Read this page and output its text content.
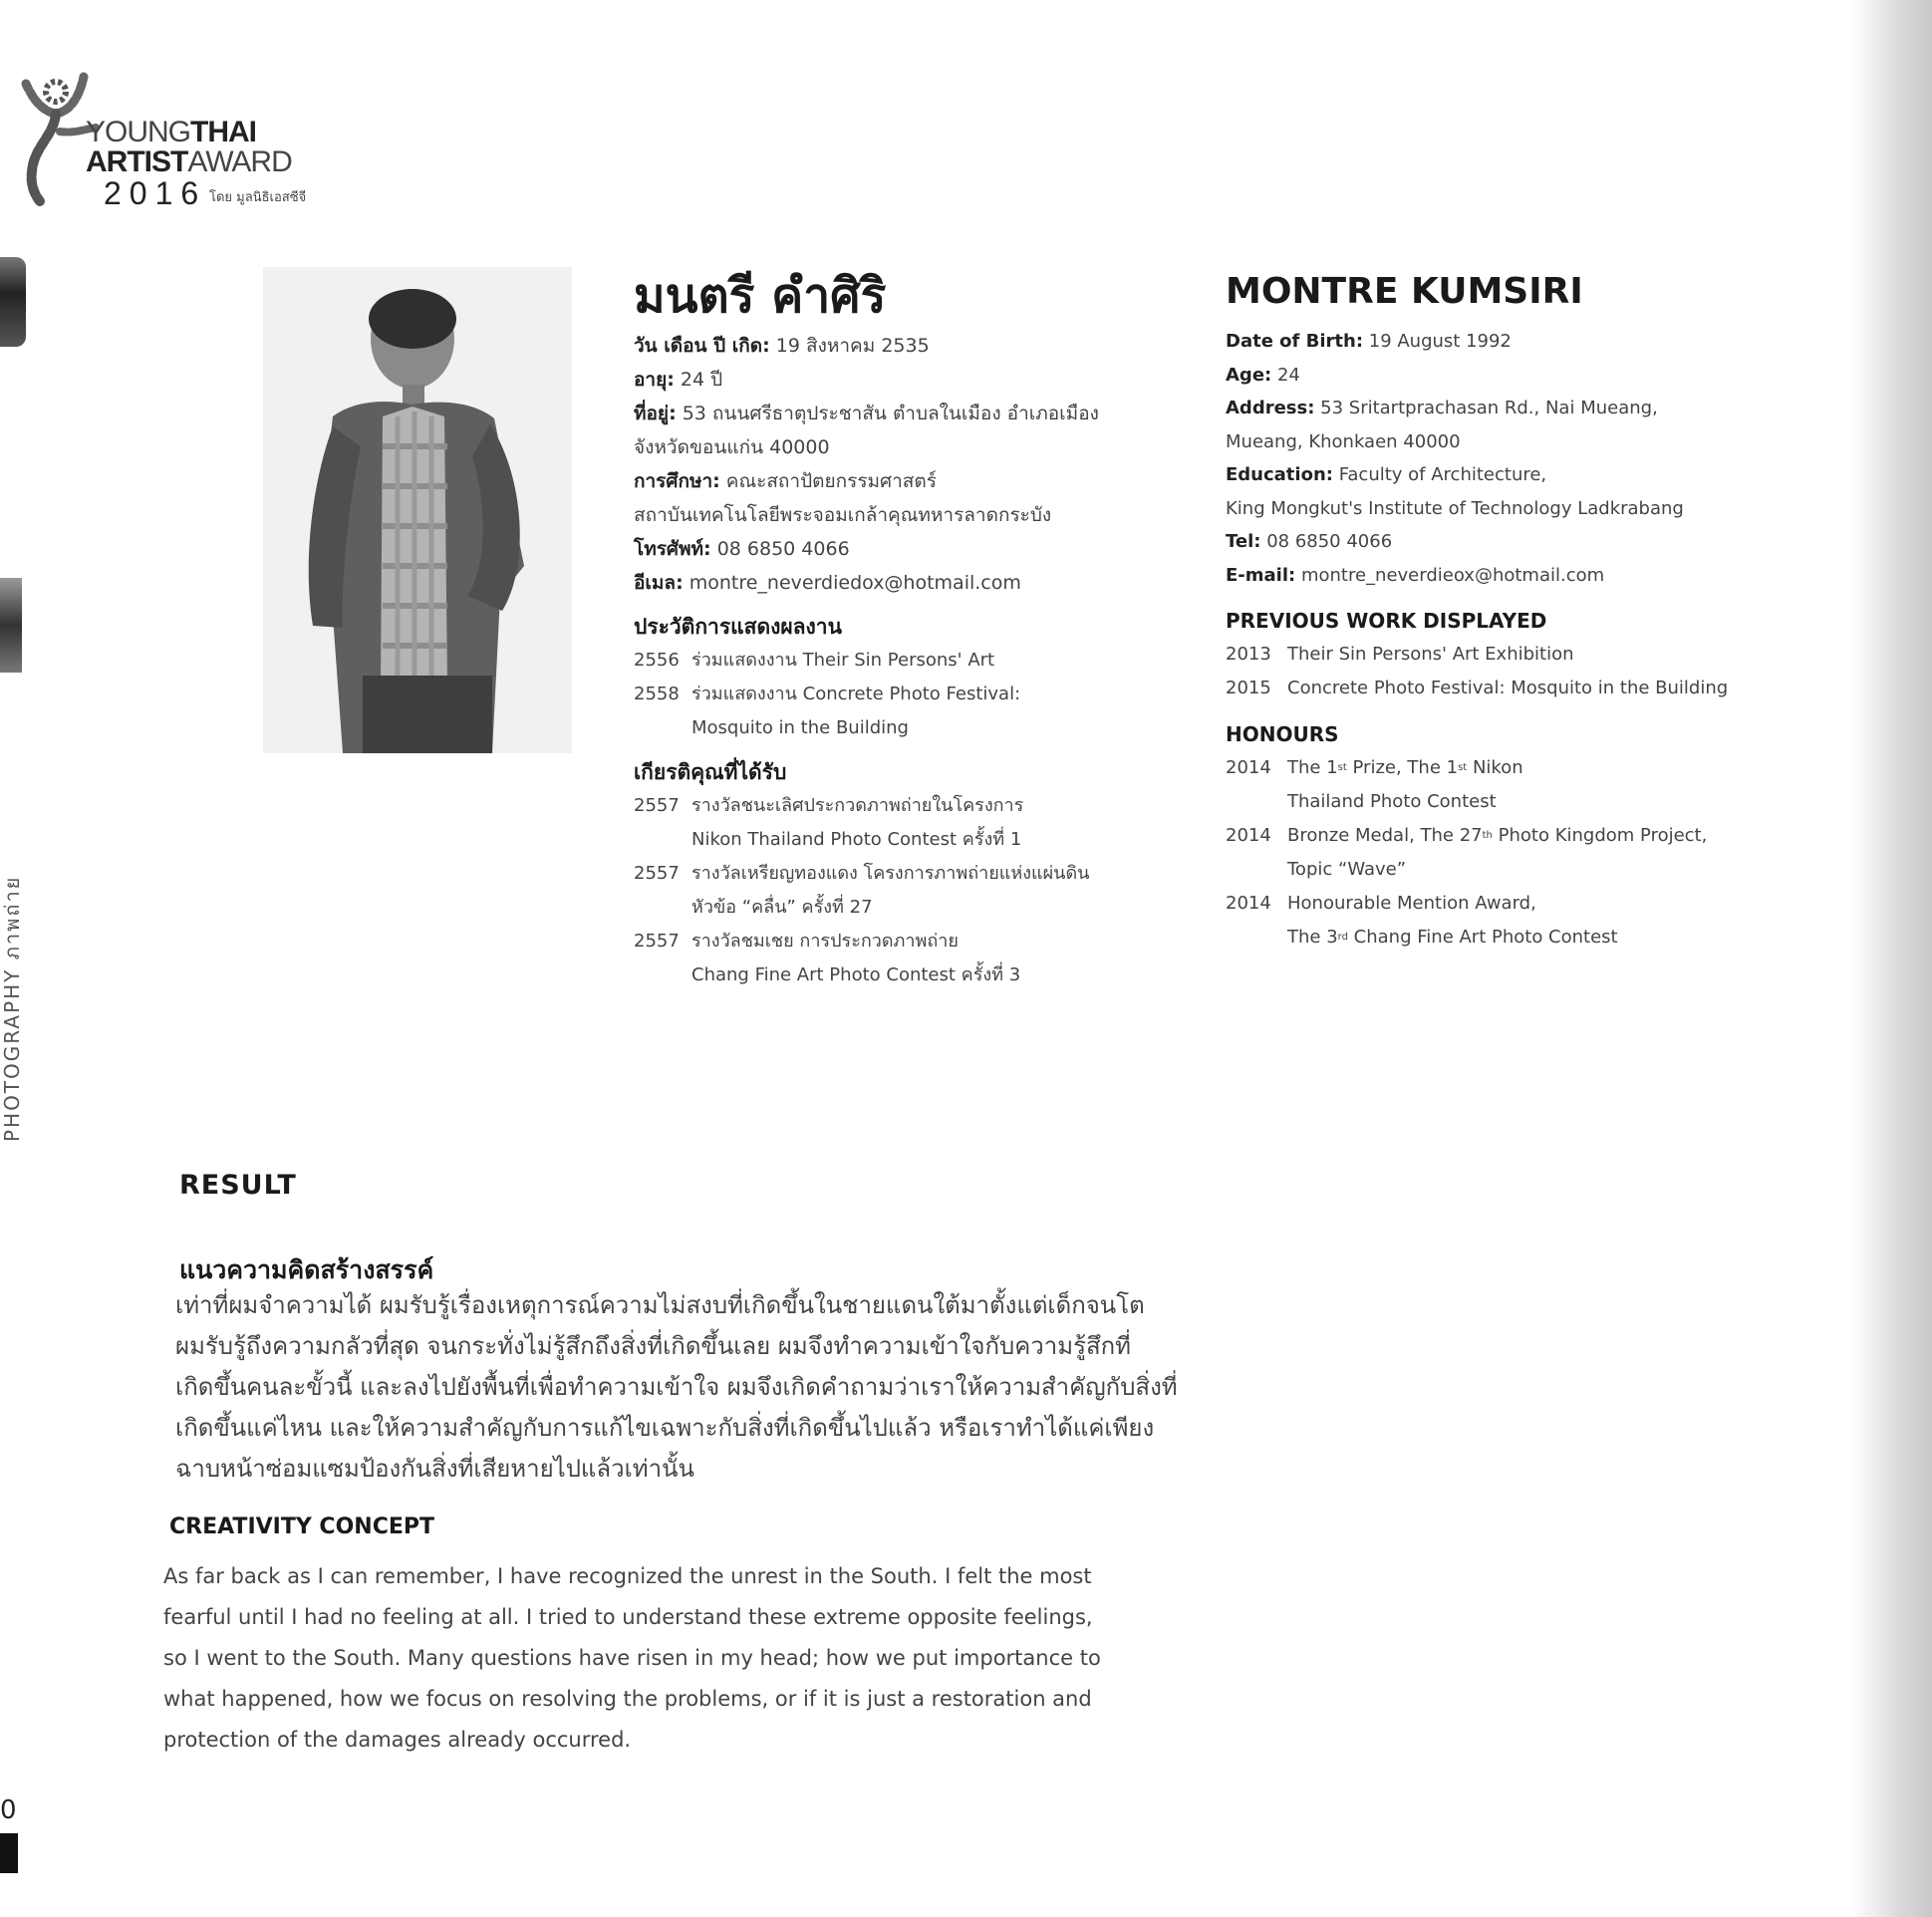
YOUNGTHAI
ARTISTAWARD
2016 โดย มูลนิธิเอสซีจี
PHOTOGRAPHY ภาพถ่าย
0
มนตรี คำศิริ
วัน เดือน ปี เกิด: 19 สิงหาคม 2535
อายุ: 24 ปี
ที่อยู่: 53 ถนนศรีธาตุประชาสัน ตำบลในเมือง อำเภอเมือง
จังหวัดขอนแก่น 40000
การศึกษา: คณะสถาปัตยกรรมศาสตร์
สถาบันเทคโนโลยีพระจอมเกล้าคุณทหารลาดกระบัง
โทรศัพท์: 08 6850 4066
อีเมล: montre_neverdiedox@hotmail.com
ประวัติการแสดงผลงาน
2556 ร่วมแสดงงาน Their Sin Persons' Art
2558 ร่วมแสดงงาน Concrete Photo Festival:
Mosquito in the Building
เกียรติคุณที่ได้รับ
2557 รางวัลชนะเลิศประกวดภาพถ่ายในโครงการ
Nikon Thailand Photo Contest ครั้งที่ 1
2557 รางวัลเหรียญทองแดง โครงการภาพถ่ายแห่งแผ่นดิน
หัวข้อ “คลื่น” ครั้งที่ 27
2557 รางวัลชมเชย การประกวดภาพถ่าย
Chang Fine Art Photo Contest ครั้งที่ 3
MONTRE KUMSIRI
Date of Birth: 19 August 1992
Age: 24
Address: 53 Sritartprachasan Rd., Nai Mueang,
Mueang, Khonkaen 40000
Education: Faculty of Architecture,
King Mongkut's Institute of Technology Ladkrabang
Tel: 08 6850 4066
E-mail: montre_neverdieox@hotmail.com
PREVIOUS WORK DISPLAYED
2013 Their Sin Persons' Art Exhibition
2015 Concrete Photo Festival: Mosquito in the Building
HONOURS
2014 The 1st Prize, The 1st Nikon
Thailand Photo Contest
2014 Bronze Medal, The 27th Photo Kingdom Project,
Topic “Wave”
2014 Honourable Mention Award,
The 3rd Chang Fine Art Photo Contest
RESULT
แนวความคิดสร้างสรรค์
เท่าที่ผมจำความได้ ผมรับรู้เรื่องเหตุการณ์ความไม่สงบที่เกิดขึ้นในชายแดนใต้มาตั้งแต่เด็กจนโต
ผมรับรู้ถึงความกลัวที่สุด จนกระทั่งไม่รู้สึกถึงสิ่งที่เกิดขึ้นเลย ผมจึงทำความเข้าใจกับความรู้สึกที่
เกิดขึ้นคนละขั้วนี้ และลงไปยังพื้นที่เพื่อทำความเข้าใจ ผมจึงเกิดคำถามว่าเราให้ความสำคัญกับสิ่งที่
เกิดขึ้นแค่ไหน และให้ความสำคัญกับการแก้ไขเฉพาะกับสิ่งที่เกิดขึ้นไปแล้ว หรือเราทำได้แค่เพียง
ฉาบหน้าซ่อมแซมป้องกันสิ่งที่เสียหายไปแล้วเท่านั้น
CREATIVITY CONCEPT
As far back as I can remember, I have recognized the unrest in the South. I felt the most
fearful until I had no feeling at all. I tried to understand these extreme opposite feelings,
so I went to the South. Many questions have risen in my head; how we put importance to
what happened, how we focus on resolving the problems, or if it is just a restoration and
protection of the damages already occurred.
